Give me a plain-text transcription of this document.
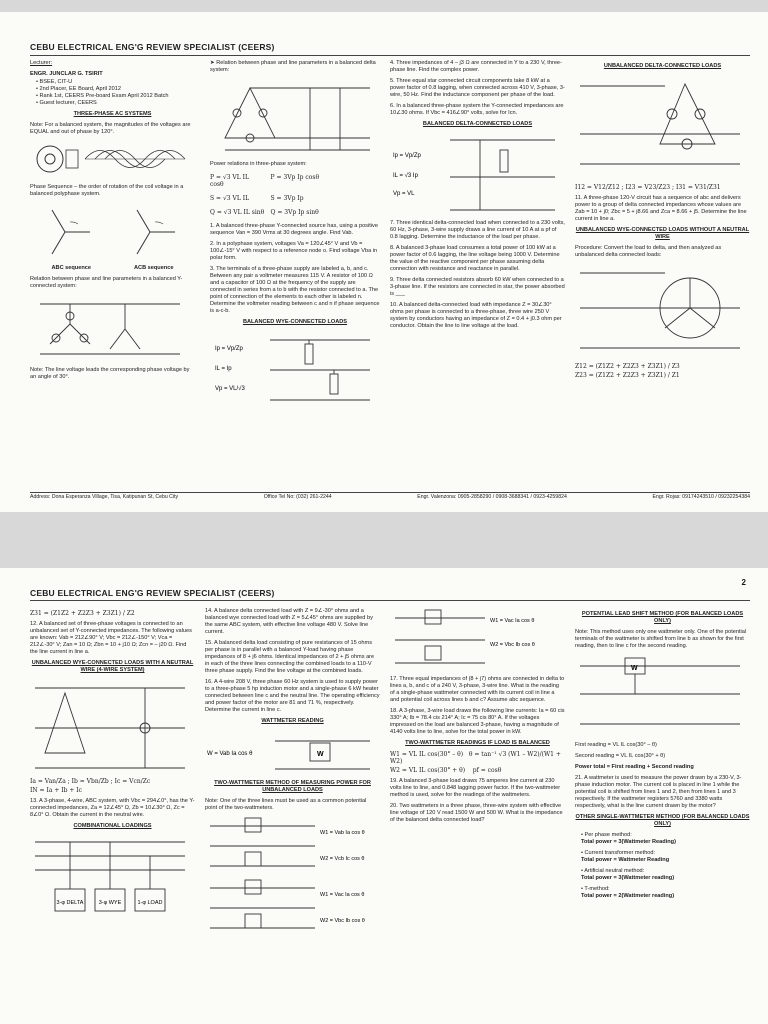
CEBU ELECTRICAL ENG'G REVIEW SPECIALIST (CEERS)

Lecturer:

ENGR. JUNCLAR G. TSIRIT

• BSEE, CIT-U
• 2nd Placer, EE Board, April 2012
• Rank 1st, CEERS Pre-board Exam April 2012 Batch
• Guest lecturer, CEERS
THREE-PHASE AC SYSTEMS

Note: For a balanced system, the magnitudes of the voltages are EQUAL and out of phase by 120°.

Phase Sequence – the order of rotation of the coil voltage in a balanced polyphase system.

ABC sequence	ACB sequence

Relation between phase and line parameters in a balanced Y-connected system:

Note: The line voltage leads the corresponding phase voltage by an angle of 30°.

➤ Relation between phase and line parameters in a balanced delta system:

Power relations in three-phase system:

P = √3 VL IL cosθ
P = 3Vp Ip cosθ
S = √3 VL IL	S = 3Vp Ip
Q = √3 VL IL sinθ Q = 3Vp Ip sinθ

1. A balanced three-phase Y-connected source has, using a positive sequence Van = 390 Vrms at 30 degrees angle. Find Vab.

2. In a polyphase system, voltages Va = 120∠45° V and Vb = 100∠-15° V with respect to a reference node o. Find voltage Vba in polar form.

3. The terminals of a three-phase supply are labeled a, b, and c. Between any pair a voltmeter measures 115 V. A resistor of 100 Ω and a capacitor of 100 Ω at the frequency of the supply are connected in series from a to b with the resistor connected to a. The point of connection of the elements to each other is labeled n. Determine the voltmeter reading between c and n if phase sequence is a-c-b.

BALANCED WYE-CONNECTED LOADS
Ip = Vp/Zp
IL = Ip
Vp = VL/√3

4. Three impedances of 4 – j3 Ω are connected in Y to a 230 V, three-phase line. Find the complex power.

5. Three equal star connected circuit components take 8 kW at a power factor of 0.8 lagging, when connected across 410 V, 3-phase, 3-wire, 50 Hz. Find the inductance component per phase of the load.

6. In a balanced three-phase system the Y-connected impedances are 10∠30 ohms. If Vbc = 416∠90° volts, solve for Icn.

BALANCED DELTA-CONNECTED LOADS
Ip = Vp/Zp
IL = √3 Ip
Vp = VL

7. Three identical delta-connected load when connected to a 230 volts, 60 Hz, 3-phase, 3-wire supply draws a line current of 10 A at a pf of 0.8 lagging. Determine the inductance of the load per phase.

8. A balanced 3-phase load consumes a total power of 100 kW at a power factor of 0.6 lagging, the line voltage being 1000 V. Determine the value of the reactive component per phase assuming delta connection with resistance and reactance in parallel.

9. Three delta connected resistors absorb 60 kW when connected to a 3-phase line. If the resistors are connected in star, the power absorbed is ___

10. A balanced delta-connected load with impedance Z = 30∠30° ohms per phase is connected to a three-phase, three wire 250 V system by conductors having an impedance of Z = 0.4 + j0.3 ohm per conductor. Obtain the line to line voltage at the load.

UNBALANCED DELTA-CONNECTED LOADS
I12 = V12/Z12 ; I23 = V23/Z23 ; I31 = V31/Z31

11. A three-phase 120-V circuit has a sequence of abc and delivers power to a group of delta connected impedances whose values are Zab = 10 + j0; Zbc = 5 + j8.66 and Zca = 8.66 + j5. Determine the line current in line a.

UNBALANCED WYE-CONNECTED LOADS WITHOUT A NEUTRAL WIRE

Procedure: Convert the load to delta, and then analyzed as unbalanced delta connected loads:

Z12 = (Z1Z2 + Z2Z3 + Z3Z1) / Z3
Z23 = (Z1Z2 + Z2Z3 + Z3Z1) / Z1
Address: Dona Esperanza Village, Tisa, Katipunan St, Cebu City	Office Tel No: (032) 261-2244	Engr. Valenzona: 0905-2858290 / 0908-3688341 / 0923-4259824	Engr. Rojas: 09174243510 / 09232254384
CEBU ELECTRICAL ENG'G REVIEW SPECIALIST (CEERS)
2
Z31 = (Z1Z2 + Z2Z3 + Z3Z1) / Z2

12. A balanced set of three-phase voltages is connected to an unbalanced set of Y-connected impedances. The following values are known: Vab = 212∠90° V; Vbc = 212∠-150° V; Vca = 212∠-30° V; Zan = 10 Ω; Zbn = 10 + j10 Ω; Zcn = – j20 Ω. Find the line current in line a.

UNBALANCED WYE-CONNECTED LOADS WITH A NEUTRAL WIRE (4-WIRE SYSTEM)
Ia = Van/Za ; Ib = Vbn/Zb ; Ic = Vcn/Zc
IN = Ia + Ib + Ic

13. A 3-phase, 4-wire, ABC system, with Vbc = 294∠0°, has the Y-connected impedances, Za = 12∠45° Ω, Zb = 10∠30° Ω, Zc = 8∠0° Ω. Obtain the current in the neutral wire.

COMBINATIONAL LOADINGS
3-φ DELTA	3-φ WYE	1-φ LOAD

14. A balance delta connected load with Z = 9∠-30° ohms and a balanced wye connected load with Z = 5∠45° ohms are supplied by the same ABC system, with effective line voltage 480 V. Solve line current.

15. A balanced delta load consisting of pure resistances of 15 ohms per phase is in parallel with a balanced Y-load having phase impedances of 8 + j6 ohms. Identical impedances of 2 + j5 ohms are in each of the three lines connecting the combined loads to a 110-V three phase supply. Find the line voltage at the combined loads.

16. A 4-wire 208 V, three phase 60 Hz system is used to supply power to a three-phase 5 hp induction motor and a single-phase 6 kW heater connected between line c and the neutral line. The operating efficiency and power factor of the motor are 81 and 71 %, respectively. Determine the current in line c.

WATTMETER READING
W = Vab Ia cos θ	W
TWO-WATTMETER METHOD OF MEASURING POWER FOR UNBALANCED LOADS

Note: One of the three lines must be used as a common potential point of the two-wattmeters.

W1 = Vab Ia cos θ
W2 = Vcb Ic cos θ
W1 = Vac Ia cos θ
W2 = Vbc Ib cos θ
W1 = Vac Ia cos θ
W2 = Vbc Ib cos θ

17. Three equal impedances of (8 + j7) ohms are connected in delta to lines a, b, and c of a 240 V, 3-phase, 3-wire line. What is the reading of a single-phase wattmeter connected with its current coil in line a and potential coil across lines b and c? Assume abc sequence.

18. A 3-phase, 3-wire load draws the following line currents: Ia = 60 cis 330° A; Ib = 78.4 cis 214° A; Ic = 75 cis 80° A. If the voltages impressed on the load are balanced 3-phase, having a magnitude of 4140 volts line to line, solve for the total power in kW.

TWO-WATTMETER READINGS IF LOAD IS BALANCED
W1 = VL IL cos(30° – θ)   θ = tan⁻¹ √3 (W1 – W2)/(W1 + W2)
W2 = VL IL cos(30° + θ)    pf = cosθ

19. A balanced 3-phase load draws 75 amperes line current at 230 volts line to line, and 0.848 lagging power factor. If the two-wattmeter method is used, solve for the readings of the wattmeters.

20. Two wattmeters in a three phase, three-wire system with effective line voltage of 120 V read 1500 W and 500 W. What is the impedance of the balanced delta connected load?

POTENTIAL LEAD SHIFT METHOD (FOR BALANCED LOADS ONLY)

Note: This method uses only one wattmeter only. One of the potential terminals of the wattmeter is shifted from line b as shown for the first reading, then to line c for the second reading.

W

First reading = VL IL cos(30° – θ)

Second reading = VL IL cos(30° + θ)

Power total = First reading + Second reading

21. A wattmeter is used to measure the power drawn by a 230-V, 3-phase induction motor. The current coil is placed in line 1 while the potential coil is shifted from lines 1 and 2, then from lines 1 and 3 respectively. If the wattmeter registers 5760 and 3380 watts respectively, what is the line current drawn by the motor?

OTHER SINGLE-WATTMETER METHOD (FOR BALANCED LOADS ONLY)
• Per phase method:
Total power = 3(Wattmeter Reading)
• Current transformer method:
Total power = Wattmeter Reading
• Artificial neutral method:
Total power = 3(Wattmeter reading)
• T-method:
Total power = 2(Wattmeter reading)
